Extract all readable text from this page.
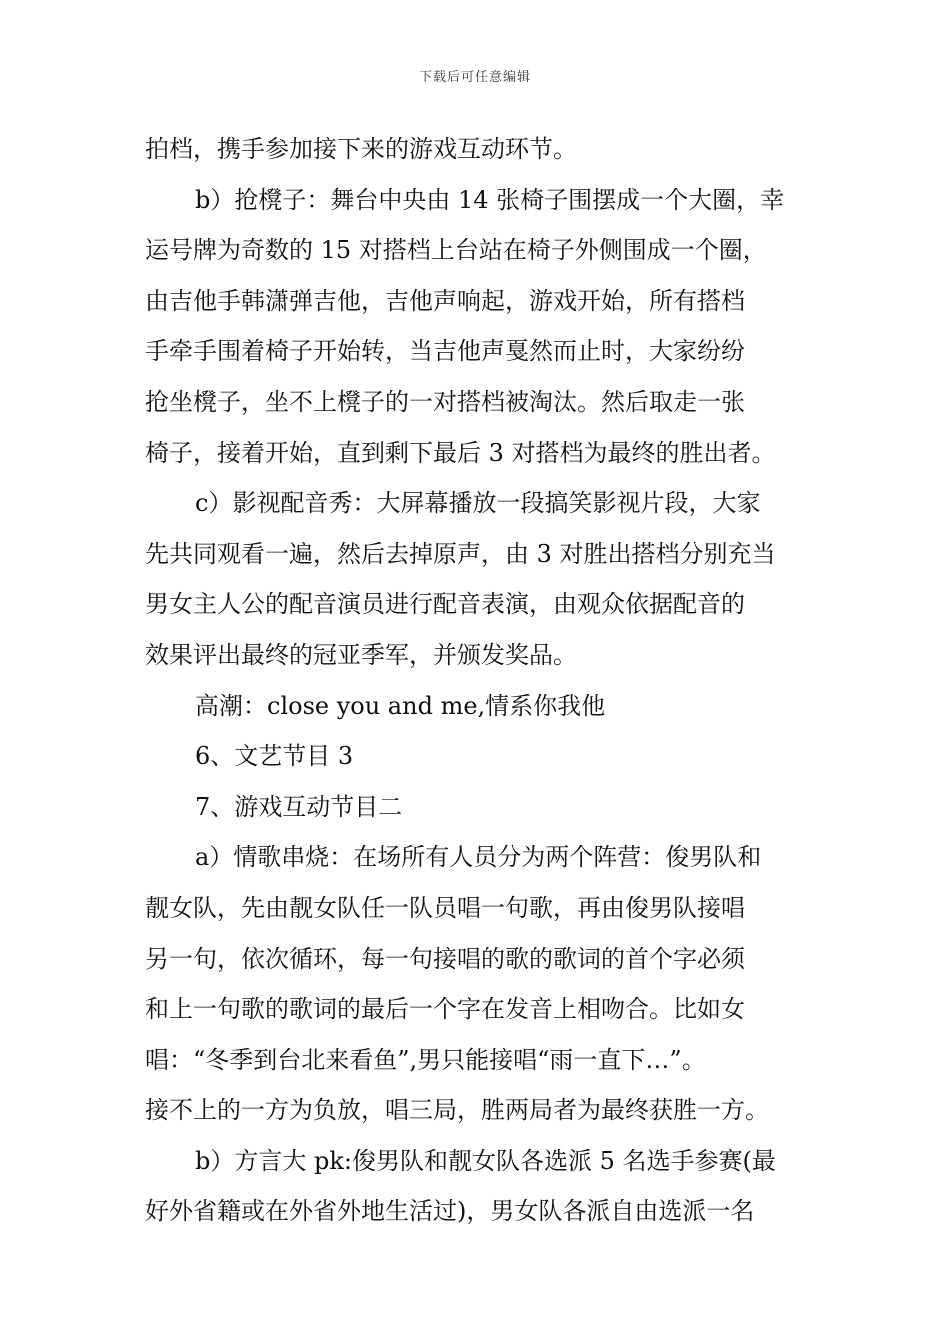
下载后可任意编辑
拍档，携手参加接下来的游戏互动环节。
b）抢櫈子：舞台中央由 14 张椅子围摆成一个大圈，幸
运号牌为奇数的 15 对搭档上台站在椅子外侧围成一个圈，
由吉他手韩潇弹吉他，吉他声响起，游戏开始，所有搭档
手牵手围着椅子开始转，当吉他声戛然而止时，大家纷纷
抢坐櫈子，坐不上櫈子的一对搭档被淘汰。然后取走一张
椅子，接着开始，直到剩下最后 3 对搭档为最终的胜出者。
c）影视配音秀：大屏幕播放一段搞笑影视片段，大家
先共同观看一遍，然后去掉原声，由 3 对胜出搭档分别充当
男女主人公的配音演员进行配音表演，由观众依据配音的
效果评出最终的冠亚季军，并颁发奖品。
高潮：close you and me,情系你我他
6、文艺节目 3
7、游戏互动节目二
a）情歌串烧：在场所有人员分为两个阵营：俊男队和
靓女队，先由靓女队任一队员唱一句歌，再由俊男队接唱
另一句，依次循环，每一句接唱的歌的歌词的首个字必须
和上一句歌的歌词的最后一个字在发音上相吻合。比如女
唱：“冬季到台北来看鱼”,男只能接唱“雨一直下…”。
接不上的一方为负放，唱三局，胜两局者为最终获胜一方。
b）方言大 pk:俊男队和靓女队各选派 5 名选手参赛(最
好外省籍或在外省外地生活过)，男女队各派自由选派一名
